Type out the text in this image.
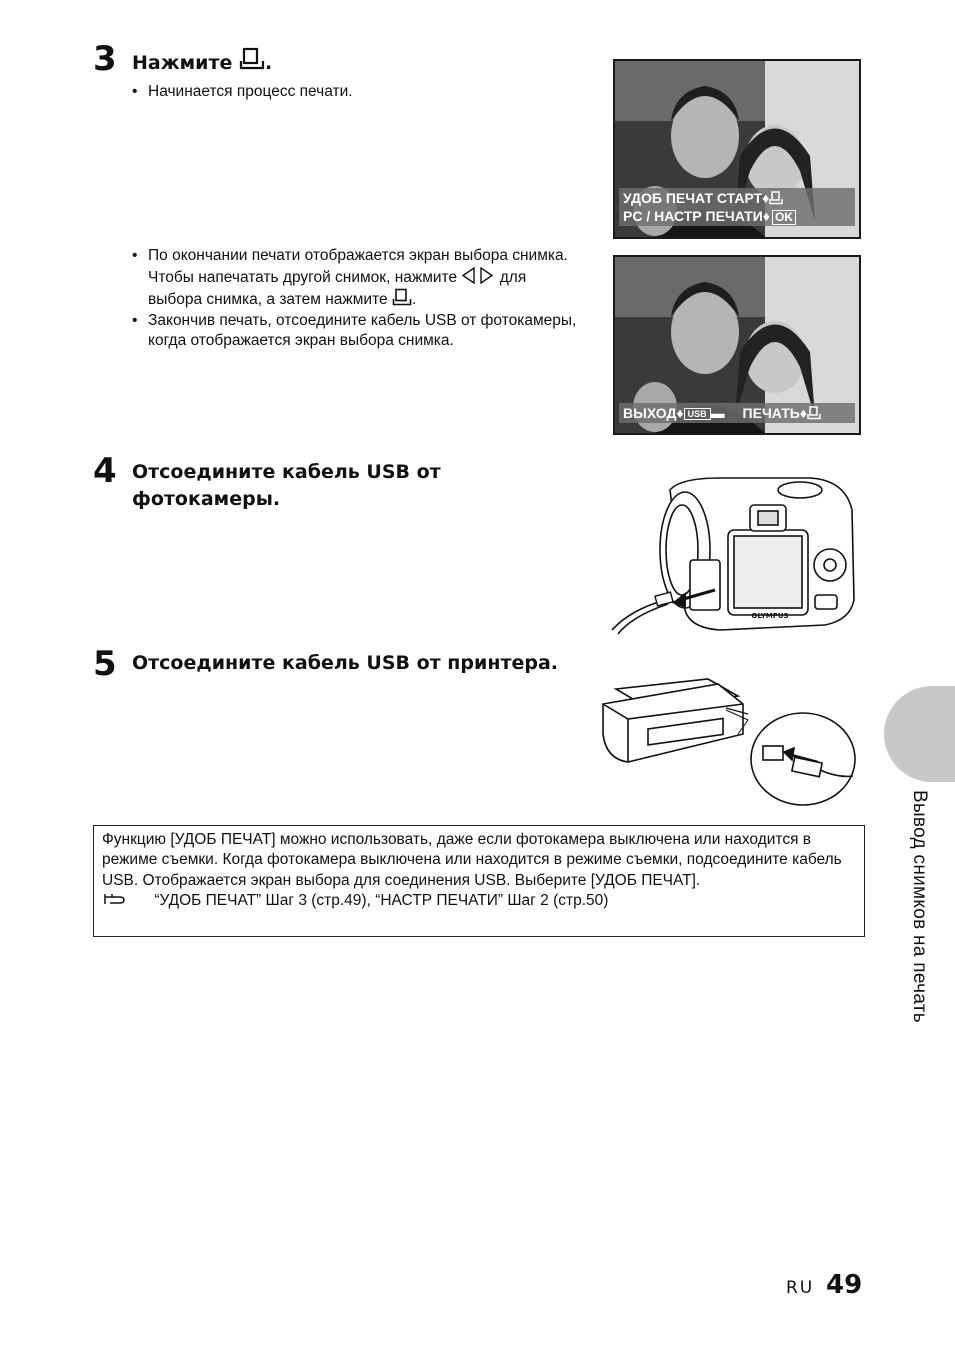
3 Нажмите .
• Начинается процесс печати.
• По окончании печати отображается экран выбора снимка. Чтобы напечатать другой снимок, нажмите	для выбора снимка, а затем нажмите .
• Закончив печать, отсоедините кабель USB от фотокамеры, когда отображается экран выбора снимка.
УДОБ ПЕЧАТ СТАРТ♦
PC / НАСТР ПЕЧАТИ♦ OK
ВЫХОД♦ USB ▬ ПЕЧАТЬ♦
4 Отсоедините кабель USB от
фотокамеры.
OLYMPUS
5 Отсоедините кабель USB от принтера.
Функцию [УДОБ ПЕЧАТ] можно использовать, даже если фотокамера выключена или находится в режиме съемки. Когда фотокамера выключена или находится в режиме съемки, подсоедините кабель USB. Отображается экран выбора для соединения USB. Выберите [УДОБ ПЕЧАТ].
“УДОБ ПЕЧАТ” Шаг 3 (стр.49), “НАСТР ПЕЧАТИ” Шаг 2 (стр.50)	Вывод снимков на печать
RU 49
